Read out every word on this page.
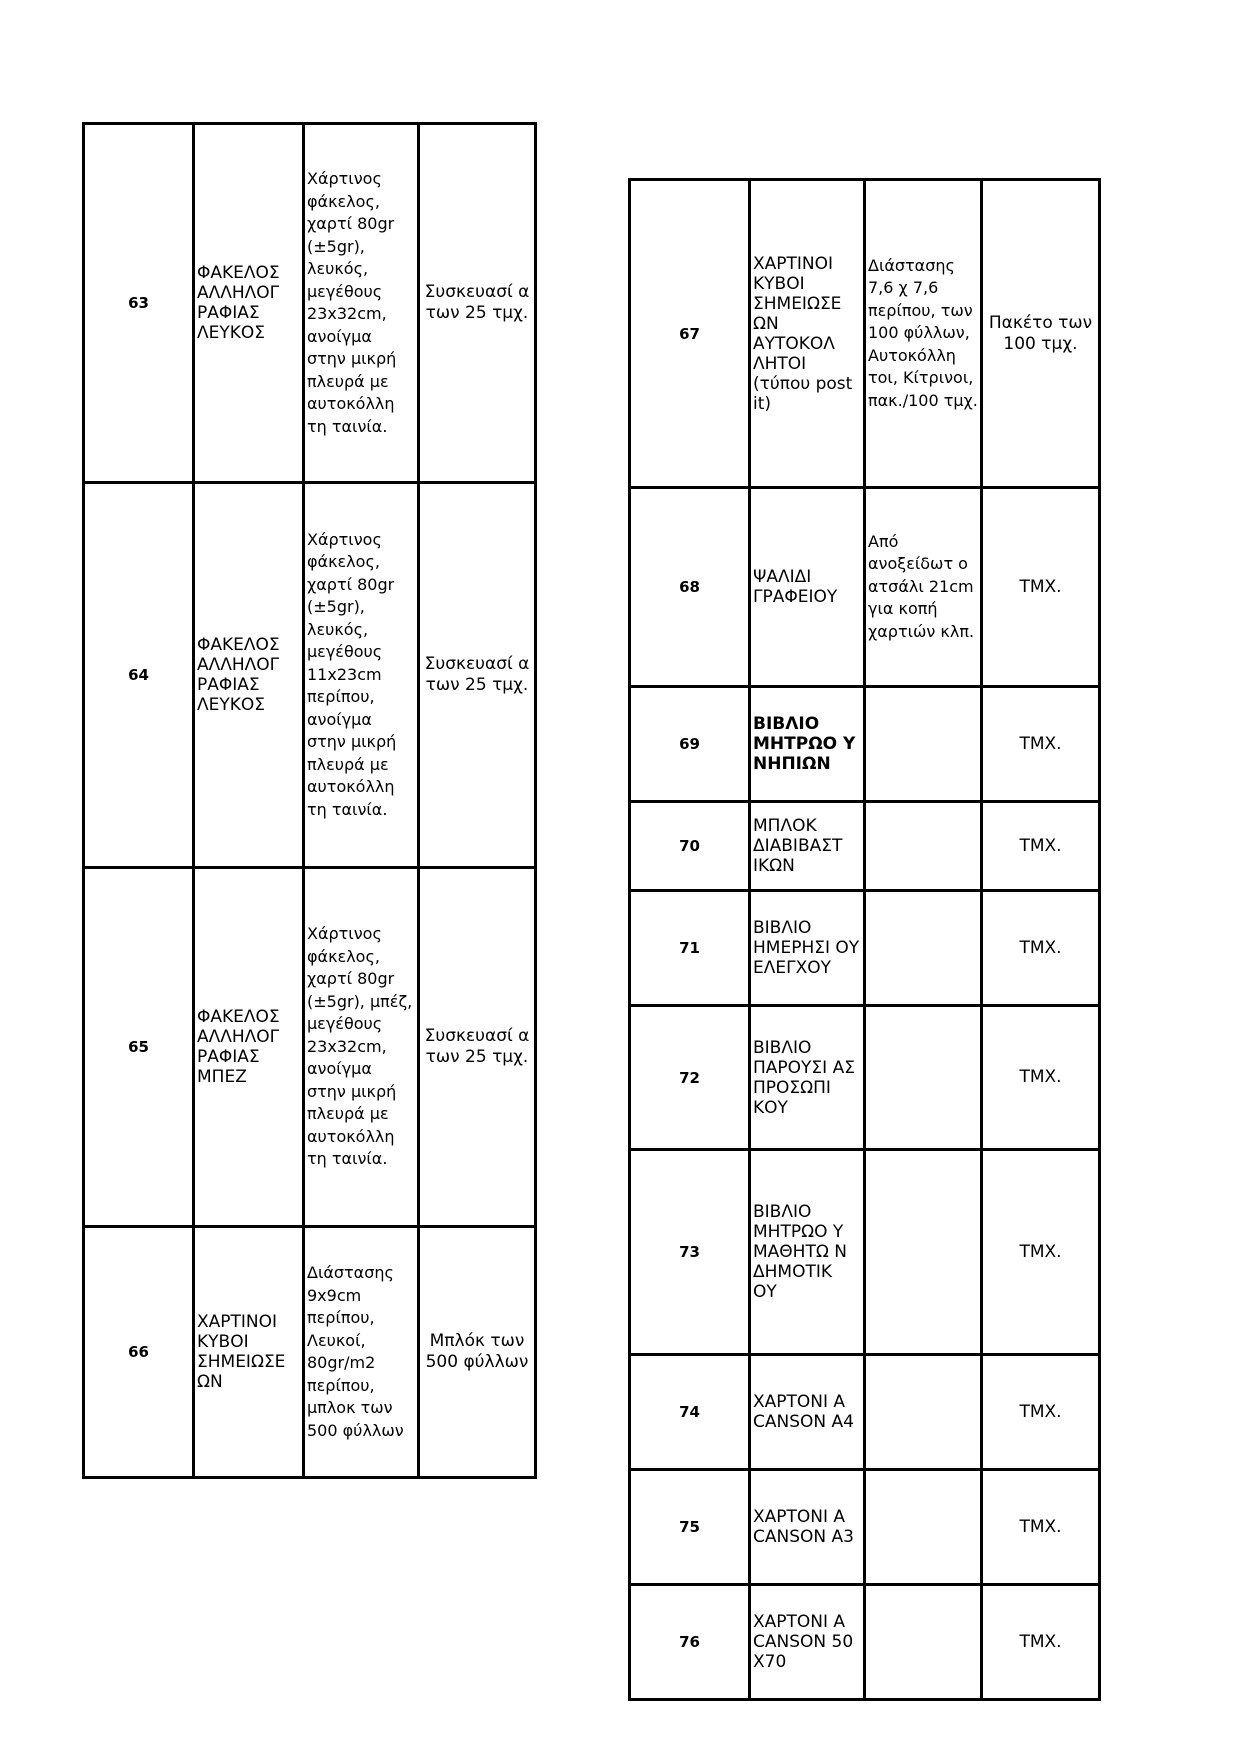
63	ΦΑΚΕΛΟΣ ΑΛΛΗΛΟΓ ΡΑΦΙΑΣ ΛΕΥΚΟΣ	Χάρτινος φάκελος, χαρτί 80gr (±5gr), λευκός, μεγέθους 23x32cm, ανοίγμα στην μικρή πλευρά με αυτοκόλλη τη ταινία.	Συσκευασί α των 25 τμχ.
64	ΦΑΚΕΛΟΣ ΑΛΛΗΛΟΓ ΡΑΦΙΑΣ ΛΕΥΚΟΣ	Χάρτινος φάκελος, χαρτί 80gr (±5gr), λευκός, μεγέθους 11x23cm περίπου, ανοίγμα στην μικρή πλευρά με αυτοκόλλη τη ταινία.	Συσκευασί α των 25 τμχ.
65	ΦΑΚΕΛΟΣ ΑΛΛΗΛΟΓ ΡΑΦΙΑΣ ΜΠΕΖ	Χάρτινος φάκελος, χαρτί 80gr (±5gr), μπέζ, μεγέθους 23x32cm, ανοίγμα στην μικρή πλευρά με αυτοκόλλη τη ταινία.	Συσκευασί α των 25 τμχ.
66	ΧΑΡΤΙΝΟΙ ΚΥΒΟΙ ΣΗΜΕΙΩΣΕ ΩΝ	Διάστασης 9x9cm περίπου, Λευκοί, 80gr/m2 περίπου, μπλοκ των 500 φύλλων	Μπλόκ των 500 φύλλων
67	ΧΑΡΤΙΝΟΙ ΚΥΒΟΙ ΣΗΜΕΙΩΣΕ ΩΝ ΑΥΤΟΚΟΛ ΛΗΤΟΙ (τύπου post it)	Διάστασης 7,6 χ 7,6 περίπου, των 100 φύλλων, Αυτοκόλλη τοι, Κίτρινοι, πακ./100 τμχ.	Πακέτο των 100 τμχ.
68	ΨΑΛΙΔΙ ΓΡΑΦΕΙΟΥ	Από ανοξείδωτ ο ατσάλι 21cm για κοπή χαρτιών κλπ.	ΤΜΧ.
69	ΒΙΒΛΙΟ ΜΗΤΡΩΟ Υ ΝΗΠΙΩΝ		ΤΜΧ.
70	ΜΠΛΟΚ ΔΙΑΒΙΒΑΣΤ ΙΚΩΝ		ΤΜΧ.
71	ΒΙΒΛΙΟ ΗΜΕΡΗΣΙ ΟΥ ΕΛΕΓΧΟΥ		ΤΜΧ.
72	ΒΙΒΛΙΟ ΠΑΡΟΥΣΙ ΑΣ ΠΡΟΣΩΠΙ ΚΟΥ		ΤΜΧ.
73	ΒΙΒΛΙΟ ΜΗΤΡΩΟ Υ ΜΑΘΗΤΩ Ν ΔΗΜΟΤΙΚ ΟΥ		ΤΜΧ.
74	ΧΑΡΤΟΝΙ Α CANSON Α4		ΤΜΧ.
75	ΧΑΡΤΟΝΙ Α CANSON Α3		ΤΜΧ.
76	ΧΑΡΤΟΝΙ Α CANSON 50 Χ70		ΤΜΧ.
